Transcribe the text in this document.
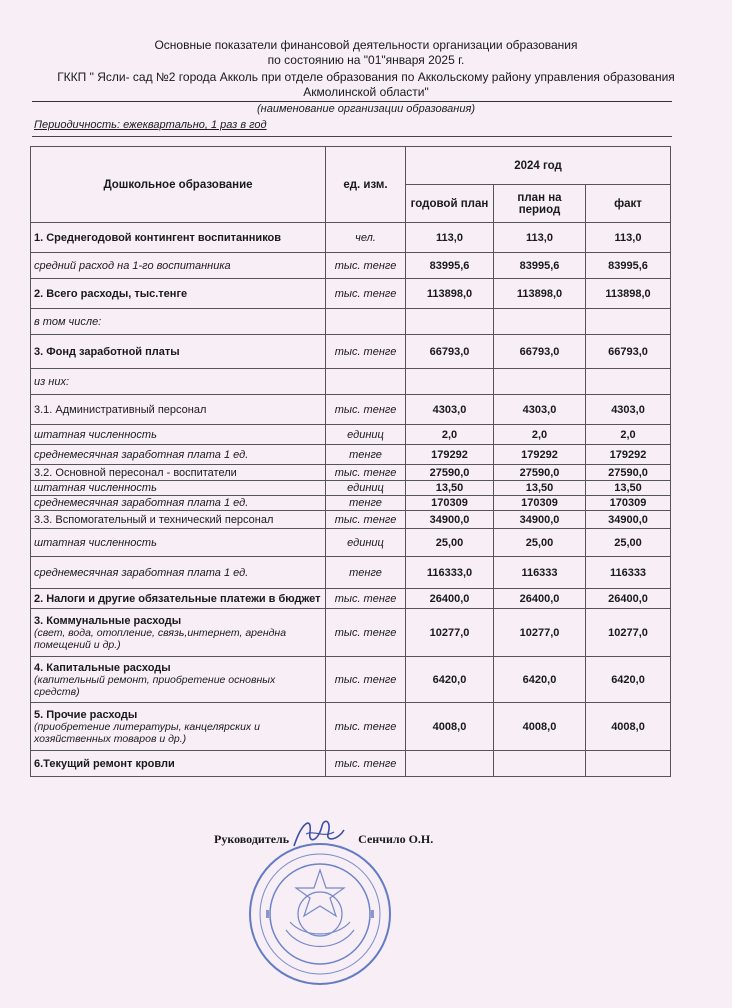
Основные показатели финансовой деятельности организации образования
по состоянию на "01"января 2025 г.
ГККП " Ясли- сад №2 города Акколь при отделе образования по Аккольскому району управления образования
Акмолинской области"
(наименование организации образования)
Периодичность: ежеквартально, 1 раз в год
Дошкольное образование	ед. изм.	2024 год		
		годовой план	план на период	факт
1. Среднегодовой контингент воспитанников	чел.	113,0	113,0	113,0
средний расход на 1-го воспитанника	тыс. тенге	83995,6	83995,6	83995,6
2. Всего расходы, тыс.тенге	тыс. тенге	113898,0	113898,0	113898,0
в том числе:				
3. Фонд заработной платы	тыс. тенге	66793,0	66793,0	66793,0
из них:				
3.1. Административный персонал	тыс. тенге	4303,0	4303,0	4303,0
штатная численность	единиц	2,0	2,0	2,0
среднемесячная заработная плата 1 ед.	тенге	179292	179292	179292
3.2. Основной пересонал - воспитатели	тыс. тенге	27590,0	27590,0	27590,0
штатная численность	единиц	13,50	13,50	13,50
среднемесячная заработная плата 1 ед.	тенге	170309	170309	170309
3.3. Вспомогательный и технический персонал	тыс. тенге	34900,0	34900,0	34900,0
штатная численность	единиц	25,00	25,00	25,00
среднемесячная заработная плата 1 ед.	тенге	116333,0	116333	116333
2. Налоги и другие обязательные платежи в бюджет	тыс. тенге	26400,0	26400,0	26400,0
3. Коммунальные расходы
(свет, вода, отопление, связь,интернет, арендна помещений и др.)	тыс. тенге	10277,0	10277,0	10277,0
4. Капитальные расходы
(капительный ремонт, приобретение основных средств)	тыс. тенге	6420,0	6420,0	6420,0
5. Прочие расходы
(приобретение литературы, канцелярских и хозяйственных товаров и др.)	тыс. тенге	4008,0	4008,0	4008,0
6.Текущий ремонт кровли	тыс. тенге			
Руководитель	Сенчило О.Н.
